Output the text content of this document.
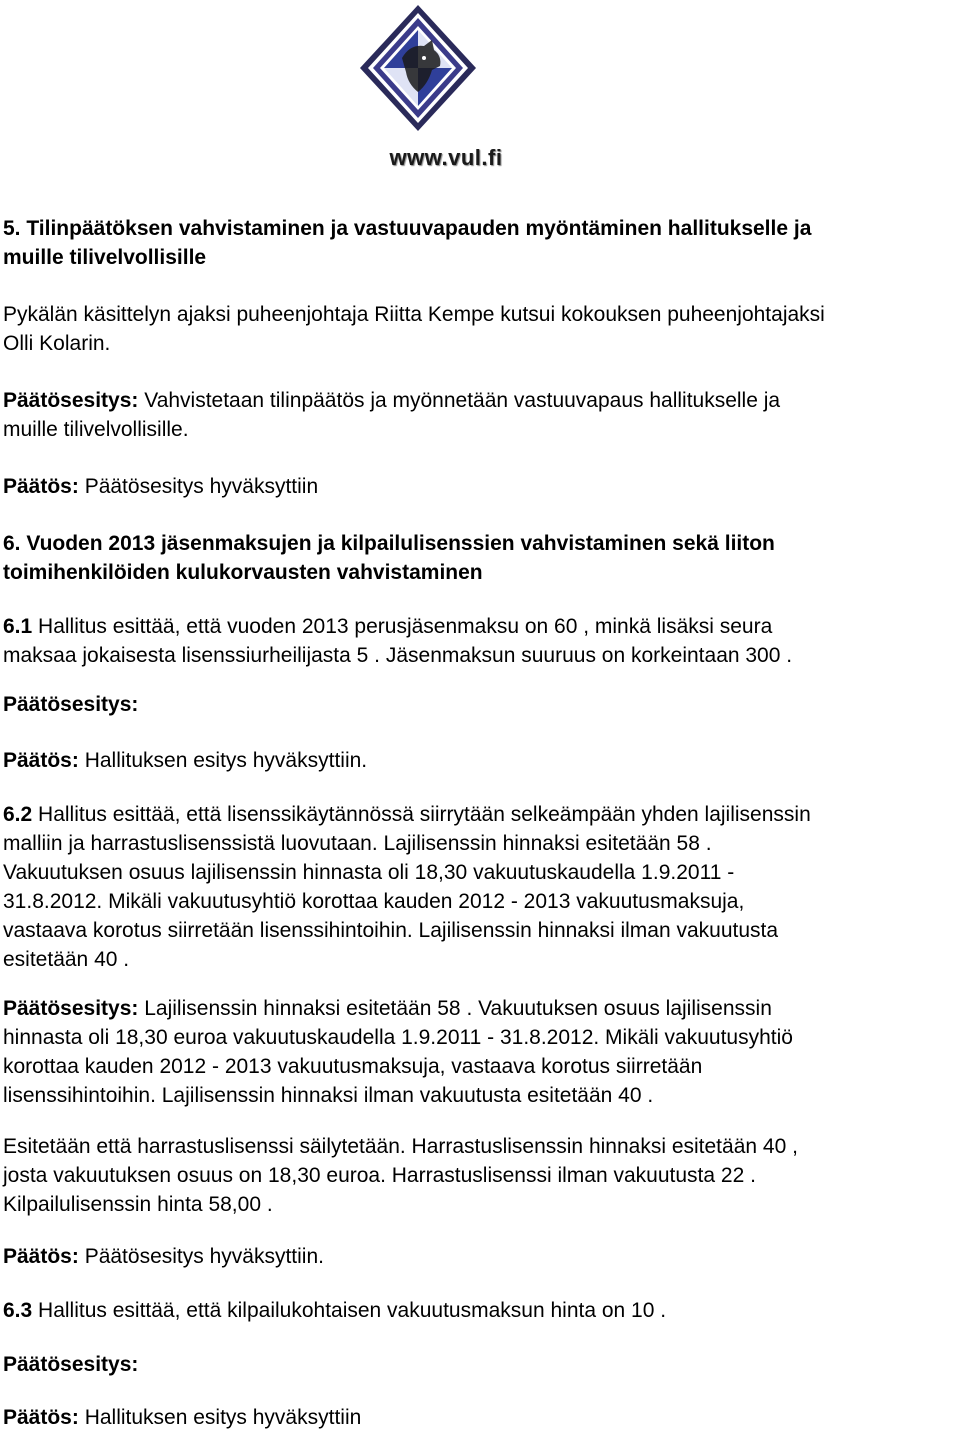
www.vul.fi

5. Tilinpäätöksen vahvistaminen ja vastuuvapauden myöntäminen hallitukselle ja

muille tilivelvollisille

Pykälän käsittelyn ajaksi puheenjohtaja Riitta Kempe kutsui kokouksen puheenjohtajaksi

Olli Kolarin.

Päätösesitys: Vahvistetaan tilinpäätös ja myönnetään vastuuvapaus hallitukselle ja

muille tilivelvollisille.

Päätös: Päätösesitys hyväksyttiin

6. Vuoden 2013 jäsenmaksujen ja kilpailulisenssien vahvistaminen sekä liiton

toimihenkilöiden kulukorvausten vahvistaminen

6.1 Hallitus esittää, että vuoden 2013 perusjäsenmaksu on 60 , minkä lisäksi seura

maksaa jokaisesta lisenssiurheilijasta 5 . Jäsenmaksun suuruus on korkeintaan 300 .

Päätösesitys:

Päätös: Hallituksen esitys hyväksyttiin.

6.2 Hallitus esittää, että lisenssikäytännössä siirrytään selkeämpään yhden lajilisenssin

malliin ja harrastuslisenssistä luovutaan. Lajilisenssin hinnaksi esitetään 58 .

Vakuutuksen osuus lajilisenssin hinnasta oli 18,30 vakuutuskaudella 1.9.2011 -

31.8.2012. Mikäli vakuutusyhtiö korottaa kauden 2012 - 2013 vakuutusmaksuja,

vastaava korotus siirretään lisenssihintoihin. Lajilisenssin hinnaksi ilman vakuutusta

esitetään 40 .

Päätösesitys: Lajilisenssin hinnaksi esitetään 58 . Vakuutuksen osuus lajilisenssin

hinnasta oli 18,30 euroa vakuutuskaudella 1.9.2011 - 31.8.2012. Mikäli vakuutusyhtiö

korottaa kauden 2012 - 2013 vakuutusmaksuja, vastaava korotus siirretään

lisenssihintoihin. Lajilisenssin hinnaksi ilman vakuutusta esitetään 40 .

Esitetään että harrastuslisenssi säilytetään. Harrastuslisenssin hinnaksi esitetään 40 ,

josta vakuutuksen osuus on 18,30 euroa. Harrastuslisenssi ilman vakuutusta 22 .

Kilpailulisenssin hinta 58,00 .

Päätös: Päätösesitys hyväksyttiin.

6.3 Hallitus esittää, että kilpailukohtaisen vakuutusmaksun hinta on 10 .

Päätösesitys:

Päätös: Hallituksen esitys hyväksyttiin
